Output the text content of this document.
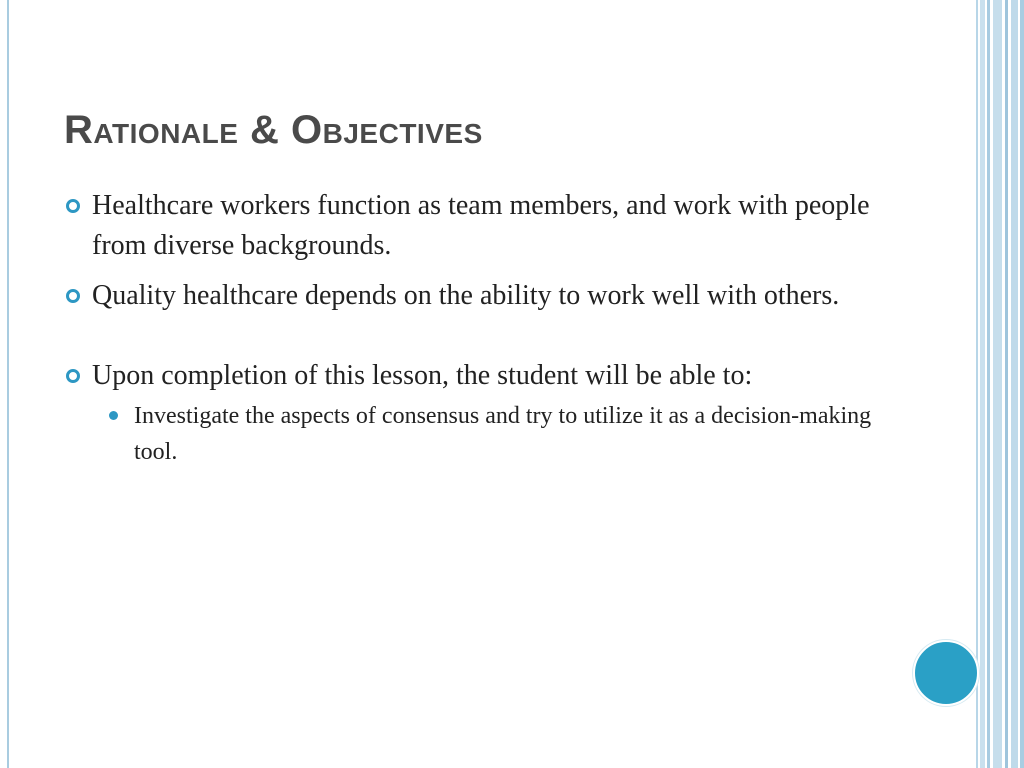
Rationale & Objectives
Healthcare workers function as team members, and work with people from diverse backgrounds.
Quality healthcare depends on the ability to work well with others.
Upon completion of this lesson, the student will be able to:
Investigate the aspects of consensus and try to utilize it as a decision-making tool.
